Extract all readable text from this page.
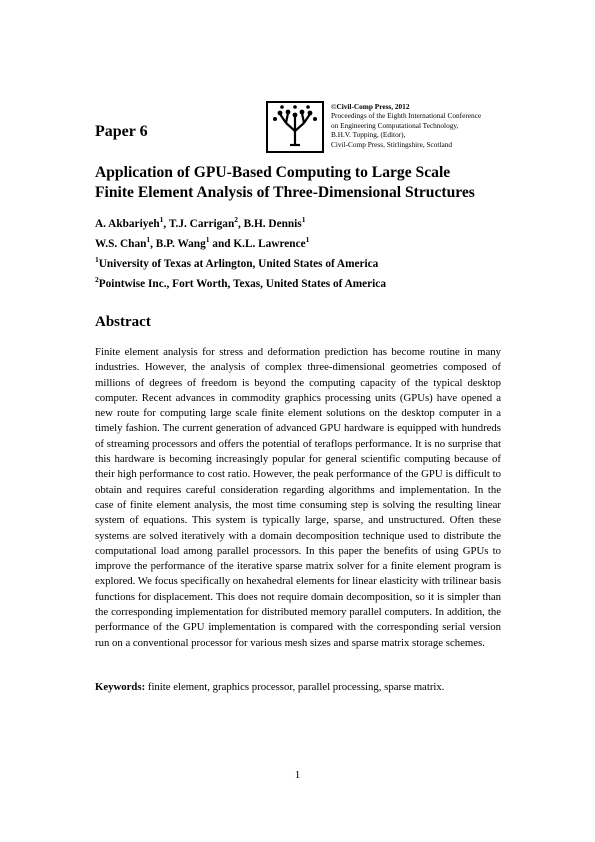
Paper 6
©Civil-Comp Press, 2012
Proceedings of the Eighth International Conference
on Engineering Computational Technology,
B.H.V. Topping, (Editor),
Civil-Comp Press, Stirlingshire, Scotland
Application of GPU-Based Computing to Large Scale
Finite Element Analysis of Three-Dimensional Structures
A. Akbariyeh$^1$, T.J. Carrigan$^2$, B.H. Dennis$^1$
W.S. Chan$^1$, B.P. Wang$^1$ and K.L. Lawrence$^1$
$^1$University of Texas at Arlington, United States of America
$^2$Pointwise Inc., Fort Worth, Texas, United States of America
Abstract
Finite element analysis for stress and deformation prediction has become routine in many industries. However, the analysis of complex three-dimensional geometries composed of millions of degrees of freedom is beyond the computing capacity of the typical desktop computer. Recent advances in commodity graphics processing units (GPUs) have opened a new route for computing large scale finite element solutions on the desktop computer in a timely fashion. The current generation of advanced GPU hardware is equipped with hundreds of streaming processors and offers the potential of teraflops performance. It is no surprise that this hardware is becoming increasingly popular for general scientific computing because of their high performance to cost ratio. However, the peak performance of the GPU is difficult to obtain and requires careful consideration regarding algorithms and implementation. In the case of finite element analysis, the most time consuming step is solving the resulting linear system of equations. This system is typically large, sparse, and unstructured. Often these systems are solved iteratively with a domain decomposition technique used to distribute the computational load among parallel processors. In this paper the benefits of using GPUs to improve the performance of the iterative sparse matrix solver for a finite element program is explored. We focus specifically on hexahedral elements for linear elasticity with trilinear basis functions for displacement. This does not require domain decomposition, so it is simpler than the corresponding implementation for distributed memory parallel computers. In addition, the performance of the GPU implementation is compared with the corresponding serial version run on a conventional processor for various mesh sizes and sparse matrix storage schemes.
Keywords: finite element, graphics processor, parallel processing, sparse matrix.
1
